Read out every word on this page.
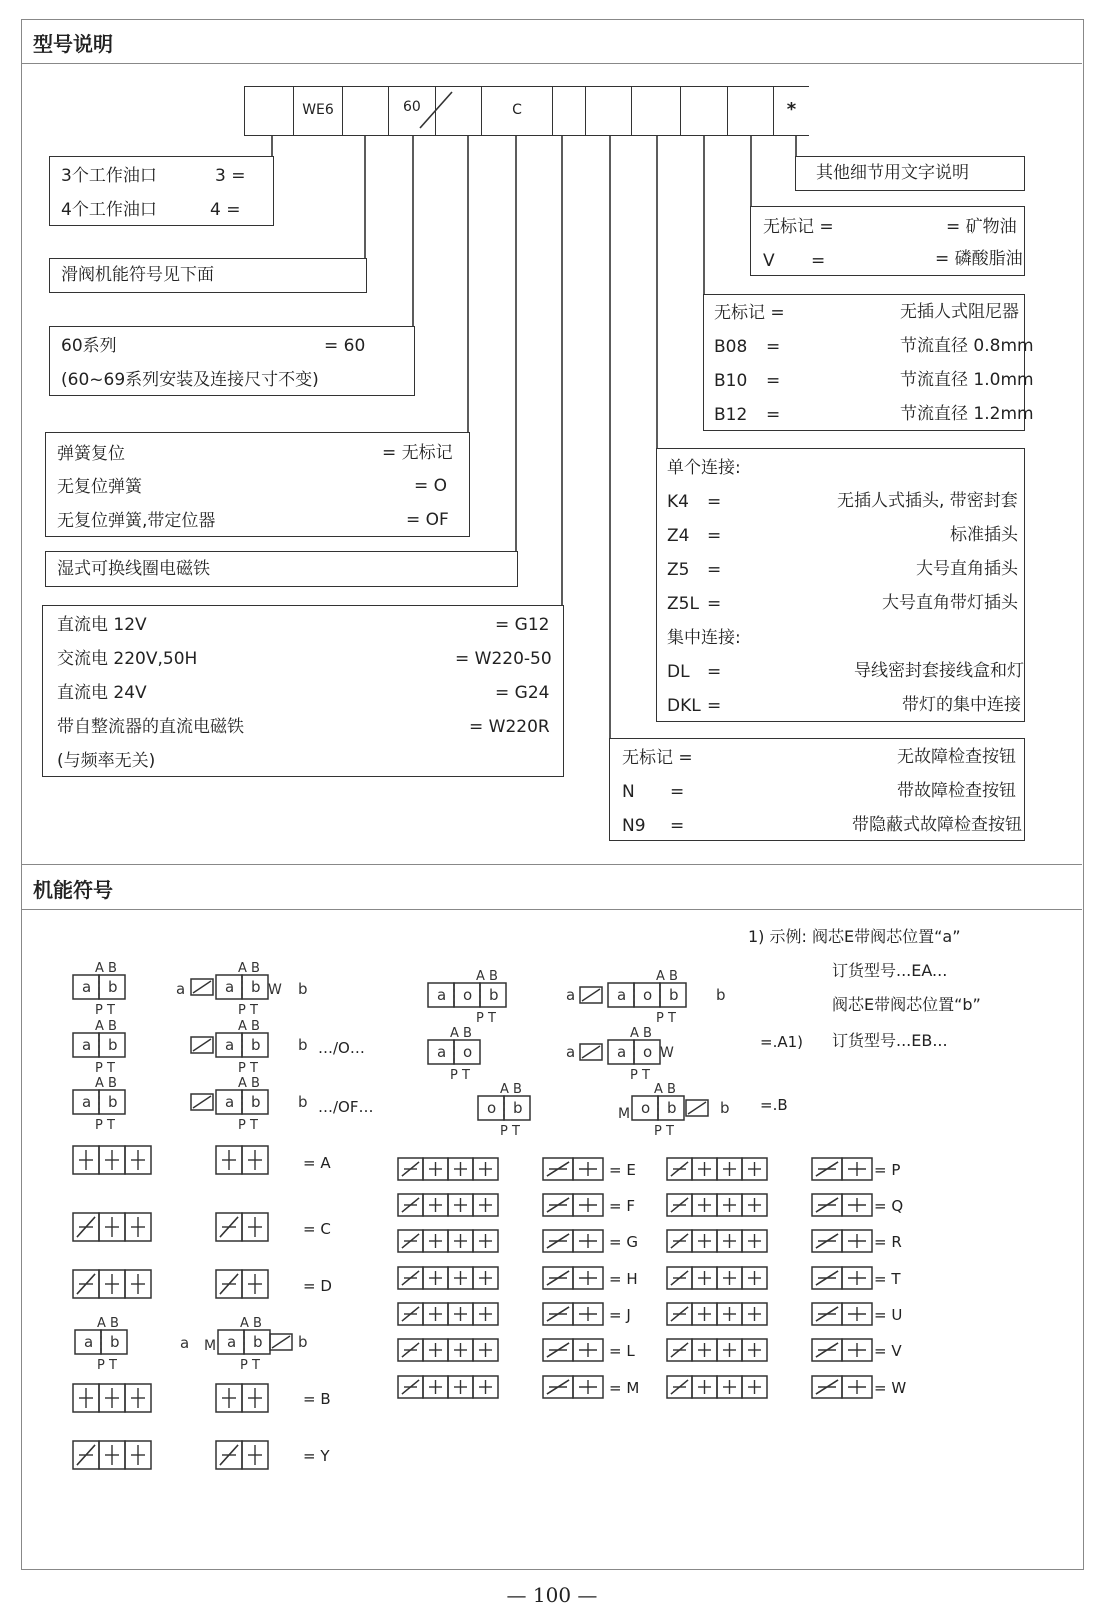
型号说明
WE6	60	C	*
3个工作油口	3 =
4个工作油口	4 =
滑阀机能符号见下面
60系列	= 60
(60~69系列安装及连接尺寸不变)
弹簧复位	= 无标记
无复位弹簧	= O
无复位弹簧,带定位器	= OF
湿式可换线圈电磁铁
直流电 12V	= G12
交流电 220V,50H	= W220-50
直流电 24V	= G24
带自整流器的直流电磁铁	= W220R
(与频率无关)
其他细节用文字说明
无标记 =	= 矿物油
V =	= 磷酸脂油
无标记 =	无插人式阻尼器
B08 =	节流直径 0.8mm
B10 =	节流直径 1.0mm
B12 =	节流直径 1.2mm
单个连接:
K4 =	无插人式插头, 带密封套
Z4 =	标准插头
Z5 =	大号直角插头
Z5L =	大号直角带灯插头
集中连接:
DL =	导线密封套接线盒和灯
DKL =	带灯的集中连接
无标记 =	无故障检查按钮
N =	带故障检查按钮
N9 =	带隐蔽式故障检查按钮
机能符号
1) 示例: 阀芯E带阀芯位置“a”
订货型号...EA...
阀芯E带阀芯位置“b”
订货型号...EB...
A B
a b
P T
A B
a b
P T
A B
a b
P T
a
A B
a b
P T
W b
A B
a b
P T
b
A B
a b
P T
b
A B
a o b
P T
a
A B
a o b
P T
b
A B
a o
P T
a
A B
a o
P T
W
A B
o b
P T
M
A B
o b
P T
b
A B
a b
P T
a M
A B
a b
P T
b
= A
= C
= D
= B
= Y
…/O…
…/OF…
=.A1)
=.B
= E
= F
= G
= H
= J
= L
= M
= P
= Q
= R
= T
= U
= V
= W
— 100 —
